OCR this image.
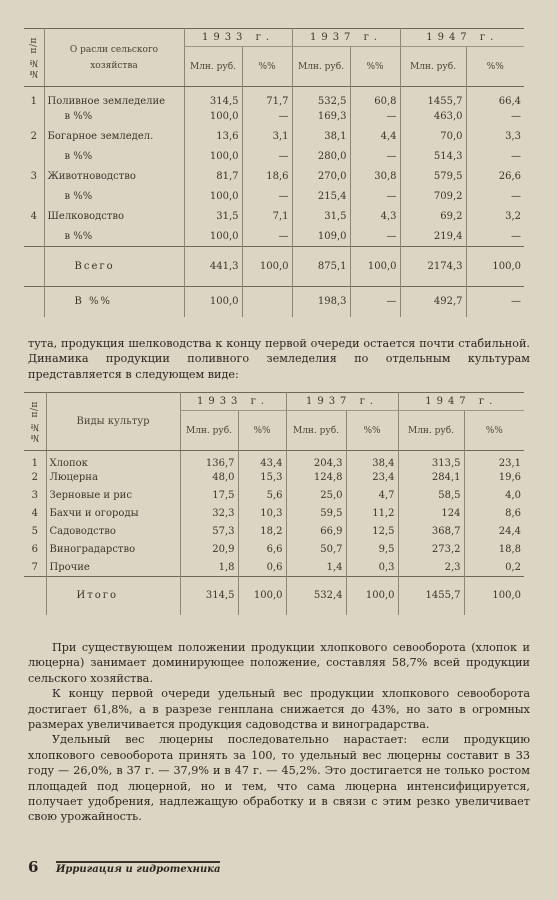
№№ п/п	О расли сельского хозяйства	1933 г.		1937 г.		1947 г.	
		Млн. руб.	%%	Млн. руб.	%%	Млн. руб.	%%
1	Поливное земледелие	314,5	71,7	532,5	60,8	1455,7	66,4
	в %%	100,0	—	169,3	—	463,0	—
2	Богарное земледел.	13,6	3,1	38,1	4,4	70,0	3,3
	в %%	100,0	—	280,0	—	514,3	—
3	Животноводство	81,7	18,6	270,0	30,8	579,5	26,6
	в %%	100,0	—	215,4	—	709,2	—
4	Шелководство	31,5	7,1	31,5	4,3	69,2	3,2
	в %%	100,0	—	109,0	—	219,4	—
	Всего	441,3	100,0	875,1	100,0	2174,3	100,0
	В %%	100,0		198,3	—	492,7	—

тута, продукция шелководства к концу первой очереди остается почти стабильной. Динамика продукции поливного земледелия по отдельным культурам представляется в следующем виде:

№№ п/п	Виды культур	1933 г.		1937 г.		1947 г.	
		Млн. руб.	%%	Млн. руб.	%%	Млн. руб.	%%
1	Хлопок	136,7	43,4	204,3	38,4	313,5	23,1
2	Люцерна	48,0	15,3	124,8	23,4	284,1	19,6
3	Зерновые и рис	17,5	5,6	25,0	4,7	58,5	4,0
4	Бахчи и огороды	32,3	10,3	59,5	11,2	124	8,6
5	Садоводство	57,3	18,2	66,9	12,5	368,7	24,4
6	Виноградарство	20,9	6,6	50,7	9,5	273,2	18,8
7	Прочие	1,8	0,6	1,4	0,3	2,3	0,2
	Итого	314,5	100,0	532,4	100,0	1455,7	100,0

При существующем положении продукции хлопкового севооборота (хлопок и люцерна) занимает доминирующее положение, составляя 58,7% всей продукции сельского хозяйства.

К концу первой очереди удельный вес продукции хлопкового севооборота достигает 61,8%, а в разрезе генплана снижается до 43%, но зато в огромных размерах увеличивается продукция садоводства и виноградарства.

Удельный вес люцерны последовательно нарастает: если продукцию хлопкового севооборота принять за 100, то удельный вес люцерны составит в 33 году — 26,0%, в 37 г. — 37,9% и в 47 г. — 45,2%. Это достигается не только ростом площадей под люцерной, но и тем, что сама люцерна интенсифицируется, получает удобрения, надлежащую обработку и в связи с этим резко увеличивает свою урожайность.

6 Ирригация и гидротехника
